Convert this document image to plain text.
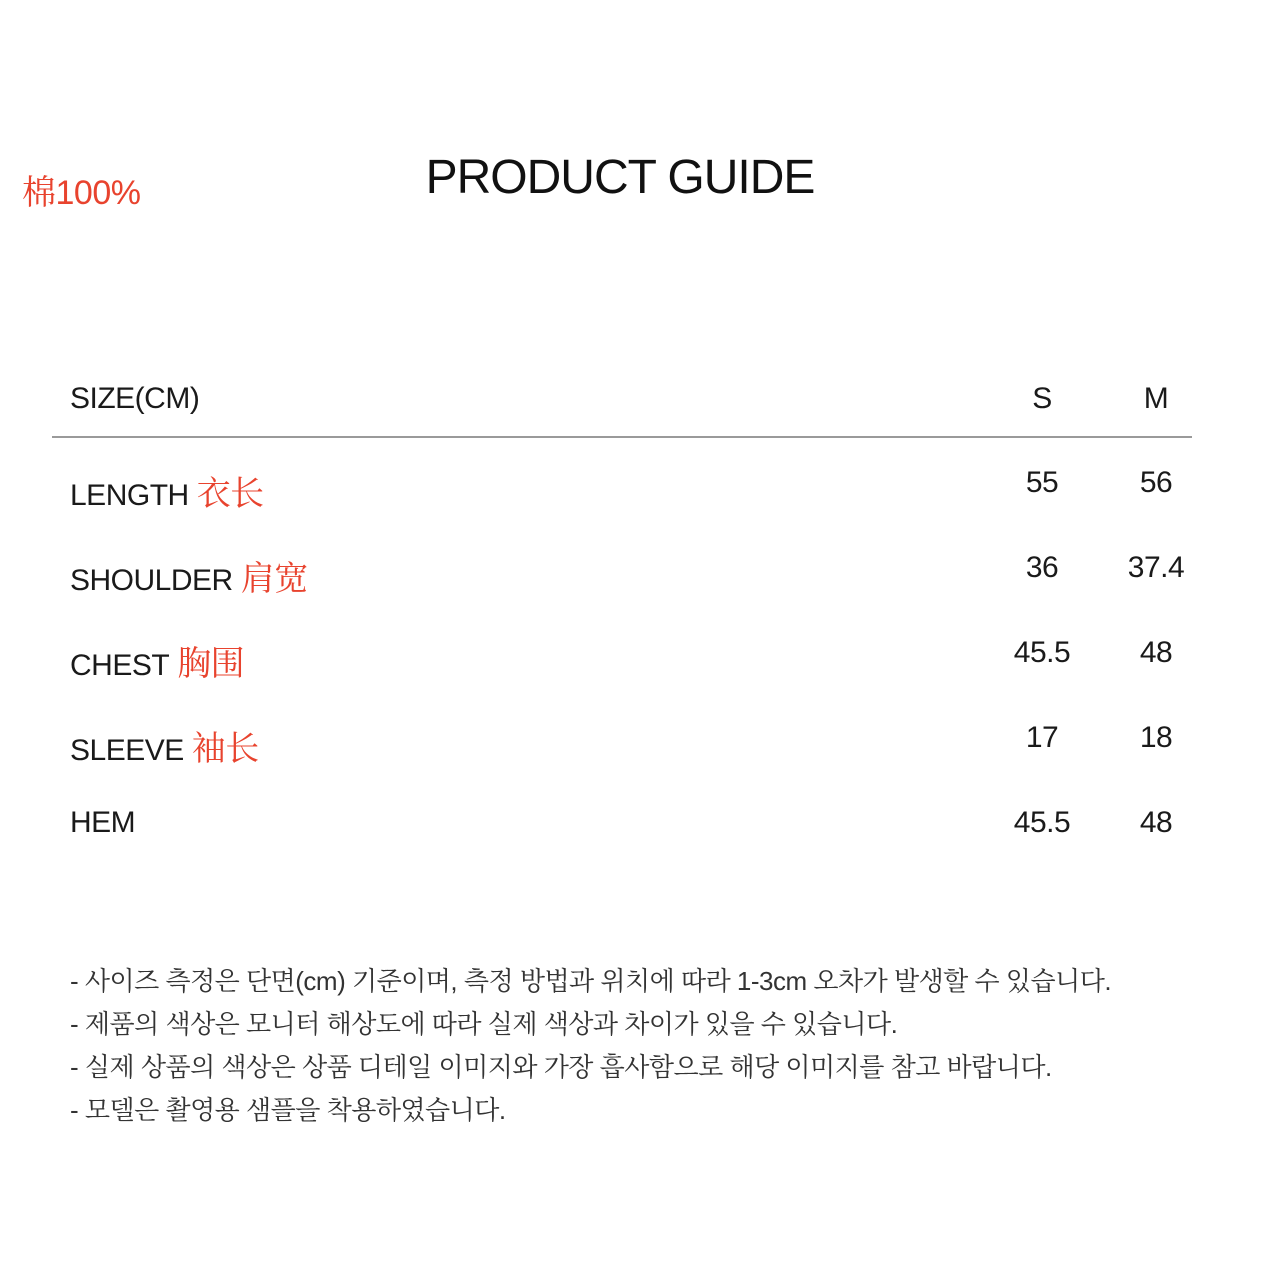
棉100%	PRODUCT GUIDE
SIZE(CM)	S	M
LENGTH 衣长	55	56
SHOULDER 肩宽	36	37.4
CHEST 胸围	45.5	48
SLEEVE 袖长	17	18
HEM	45.5	48
- 사이즈 측정은 단면(cm) 기준이며, 측정 방법과 위치에 따라 1-3cm 오차가 발생할 수 있습니다.
- 제품의 색상은 모니터 해상도에 따라 실제 색상과 차이가 있을 수 있습니다.
- 실제 상품의 색상은 상품 디테일 이미지와 가장 흡사함으로 해당 이미지를 참고 바랍니다.
- 모델은 촬영용 샘플을 착용하였습니다.
